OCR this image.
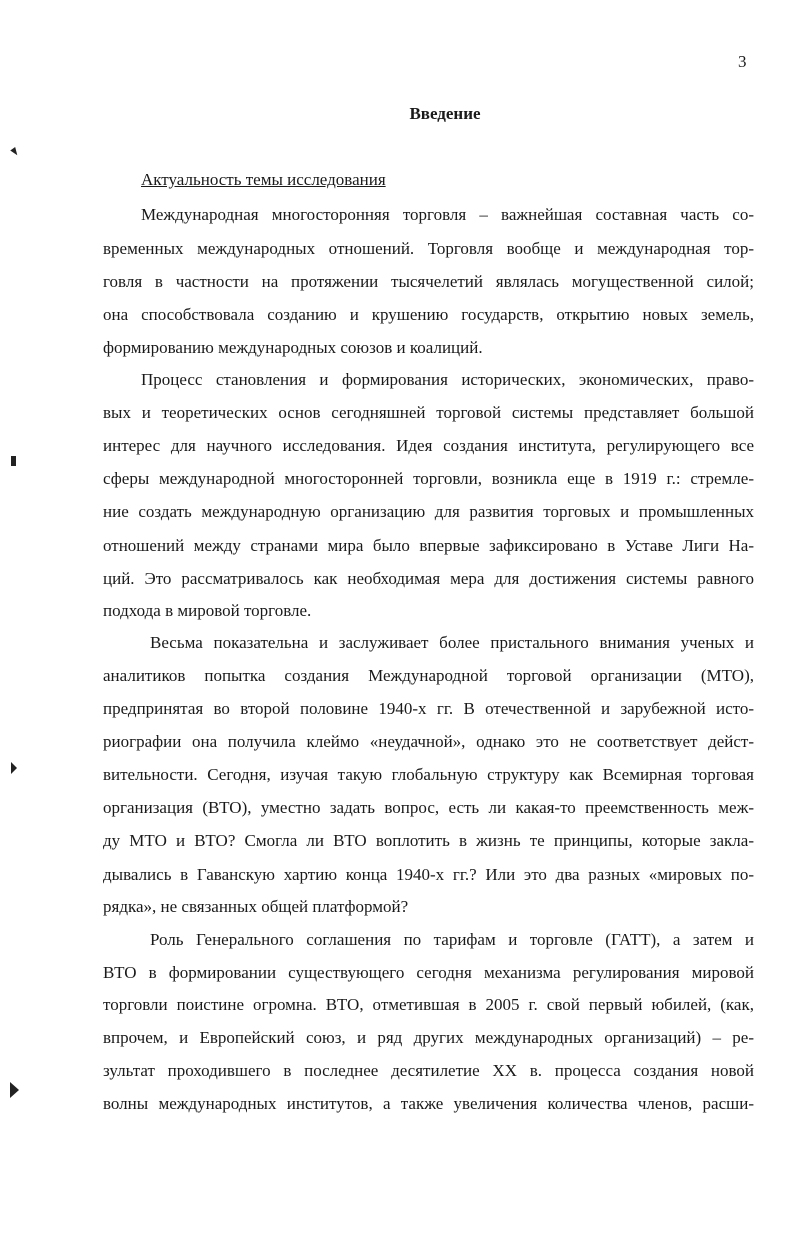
3
Введение
Актуальность темы исследования
Международная многосторонняя торговля – важнейшая составная часть со-
временных международных отношений. Торговля вообще и международная тор-
говля в частности на протяжении тысячелетий являлась могущественной силой;
она способствовала созданию и крушению государств, открытию новых земель,
формированию международных союзов и коалиций.
Процесс становления и формирования исторических, экономических, право-
вых и теоретических основ сегодняшней торговой системы представляет большой
интерес для научного исследования. Идея создания института, регулирующего все
сферы международной многосторонней торговли, возникла еще в 1919 г.: стремле-
ние создать международную организацию для развития торговых и промышленных
отношений между странами мира было впервые зафиксировано в Уставе Лиги На-
ций. Это рассматривалось как необходимая мера для достижения системы равного
подхода в мировой торговле.
Весьма показательна и заслуживает более пристального внимания ученых и
аналитиков попытка создания Международной торговой организации (МТО),
предпринятая во второй половине 1940-х гг. В отечественной и зарубежной исто-
риографии она получила клеймо «неудачной», однако это не соответствует дейст-
вительности. Сегодня, изучая такую глобальную структуру как Всемирная торговая
организация (ВТО), уместно задать вопрос, есть ли какая-то преемственность меж-
ду МТО и ВТО? Смогла ли ВТО воплотить в жизнь те принципы, которые закла-
дывались в Гаванскую хартию конца 1940-х гг.? Или это два разных «мировых по-
рядка», не связанных общей платформой?
Роль Генерального соглашения по тарифам и торговле (ГАТТ), а затем и
ВТО в формировании существующего сегодня механизма регулирования мировой
торговли поистине огромна. ВТО, отметившая в 2005 г. свой первый юбилей, (как,
впрочем, и Европейский союз, и ряд других международных организаций) – ре-
зультат проходившего в последнее десятилетие XX в. процесса создания новой
волны международных институтов, а также увеличения количества членов, расши-
